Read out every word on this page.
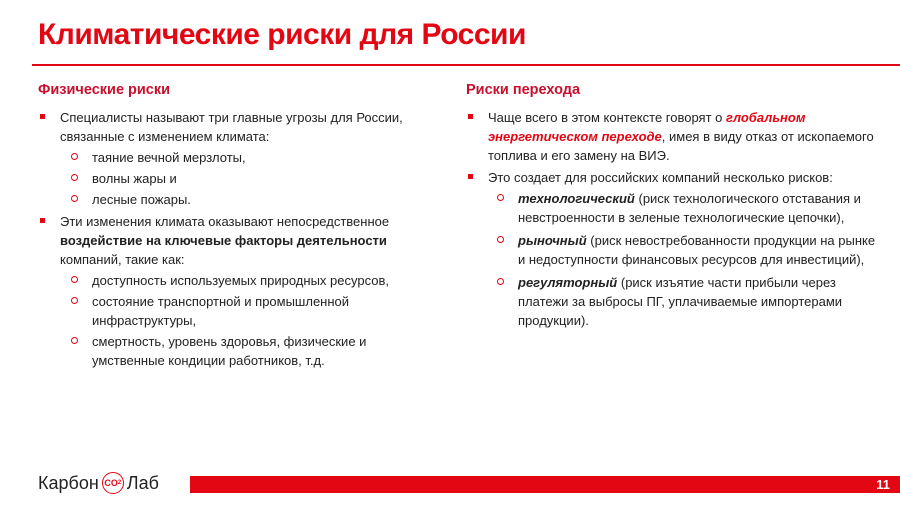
Климатические риски для России
Физические риски
Специалисты называют три главные угрозы для России, связанные с изменением климата:
таяние вечной мерзлоты,
волны жары и
лесные пожары.
Эти изменения климата оказывают непосредственное воздействие на ключевые факторы деятельности компаний, такие как:
доступность используемых природных ресурсов,
состояние транспортной и промышленной инфраструктуры,
смертность, уровень здоровья, физические и умственные кондиции работников, т.д.
Риски перехода
Чаще всего в этом контексте говорят о глобальном энергетическом переходе, имея в виду отказ от ископаемого топлива и его замену на ВИЭ.
Это создает для российских компаний несколько рисков:
технологический (риск технологического отставания и невстроенности в зеленые технологические цепочки),
рыночный (риск невостребованности продукции на рынке и недоступности финансовых ресурсов для инвестиций),
регуляторный (риск изъятие части прибыли через платежи за выбросы ПГ, уплачиваемые импортерами продукции).
Карбон CO 2 Лаб	11
